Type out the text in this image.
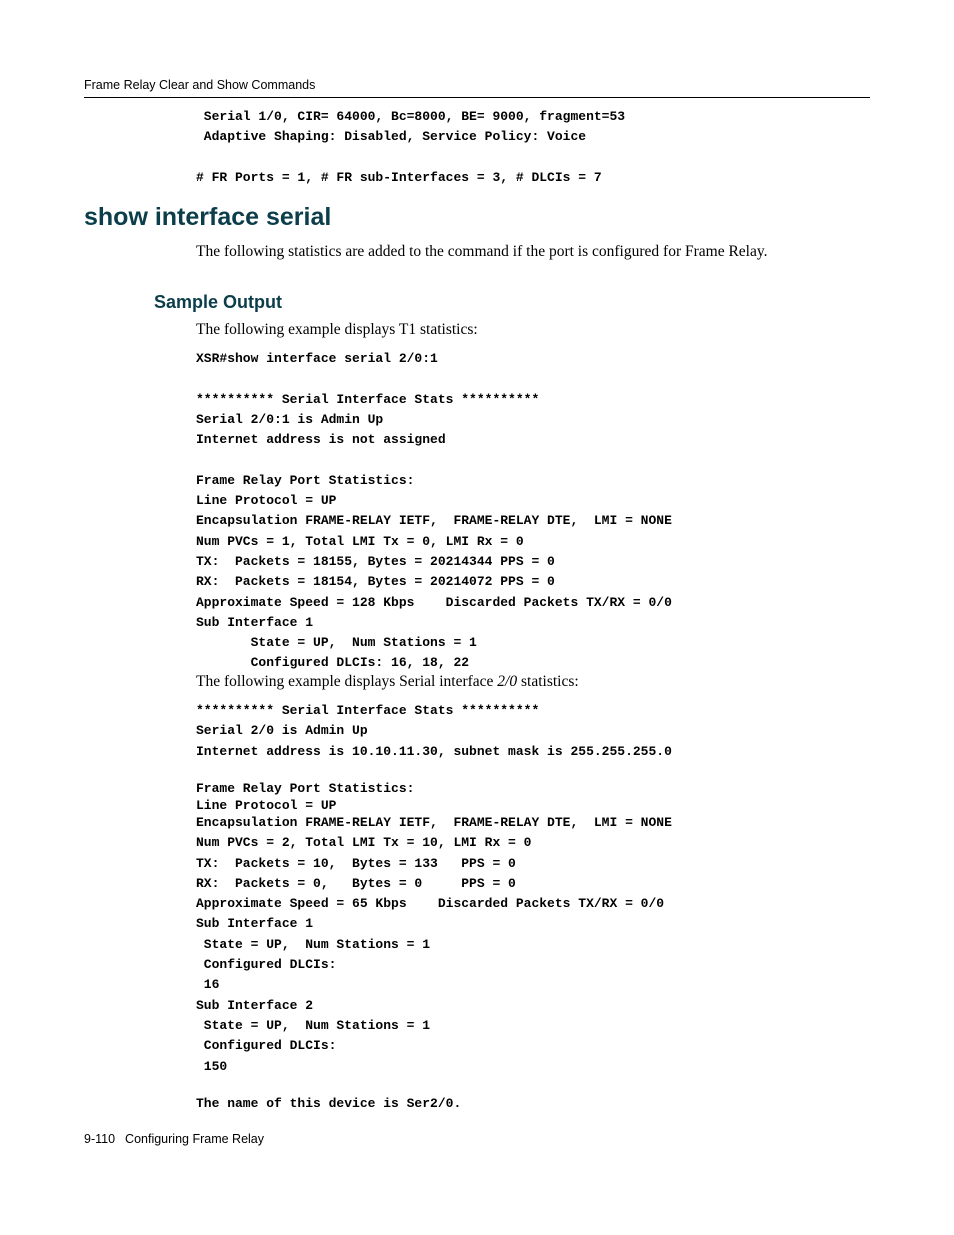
Frame Relay Clear and Show Commands
Serial 1/0, CIR= 64000, Bc=8000, BE= 9000, fragment=53
Adaptive Shaping: Disabled, Service Policy: Voice

# FR Ports = 1, # FR sub-Interfaces = 3, # DLCIs = 7
show interface serial

The following statistics are added to the command if the port is configured for Frame Relay.

Sample Output

The following example displays T1 statistics:

XSR#show interface serial 2/0:1

********** Serial Interface Stats **********
Serial 2/0:1 is Admin Up
Internet address is not assigned

Frame Relay Port Statistics:
Line Protocol = UP
Encapsulation FRAME-RELAY IETF,  FRAME-RELAY DTE,  LMI = NONE
Num PVCs = 1, Total LMI Tx = 0, LMI Rx = 0
TX:  Packets = 18155, Bytes = 20214344 PPS = 0
RX:  Packets = 18154, Bytes = 20214072 PPS = 0
Approximate Speed = 128 Kbps    Discarded Packets TX/RX = 0/0
Sub Interface 1
State = UP,  Num Stations = 1
Configured DLCIs: 16, 18, 22

The following example displays Serial interface 2/0 statistics:

********** Serial Interface Stats **********
Serial 2/0 is Admin Up
Internet address is 10.10.11.30, subnet mask is 255.255.255.0
Frame Relay Port Statistics:
Line Protocol = UP
Encapsulation FRAME-RELAY IETF,  FRAME-RELAY DTE,  LMI = NONE
Num PVCs = 2, Total LMI Tx = 10, LMI Rx = 0
TX:  Packets = 10,  Bytes = 133   PPS = 0
RX:  Packets = 0,   Bytes = 0     PPS = 0
Approximate Speed = 65 Kbps    Discarded Packets TX/RX = 0/0
Sub Interface 1
State = UP,  Num Stations = 1
Configured DLCIs:
16
Sub Interface 2
State = UP,  Num Stations = 1
Configured DLCIs:
150
The name of this device is Ser2/0.
9-110 Configuring Frame Relay
